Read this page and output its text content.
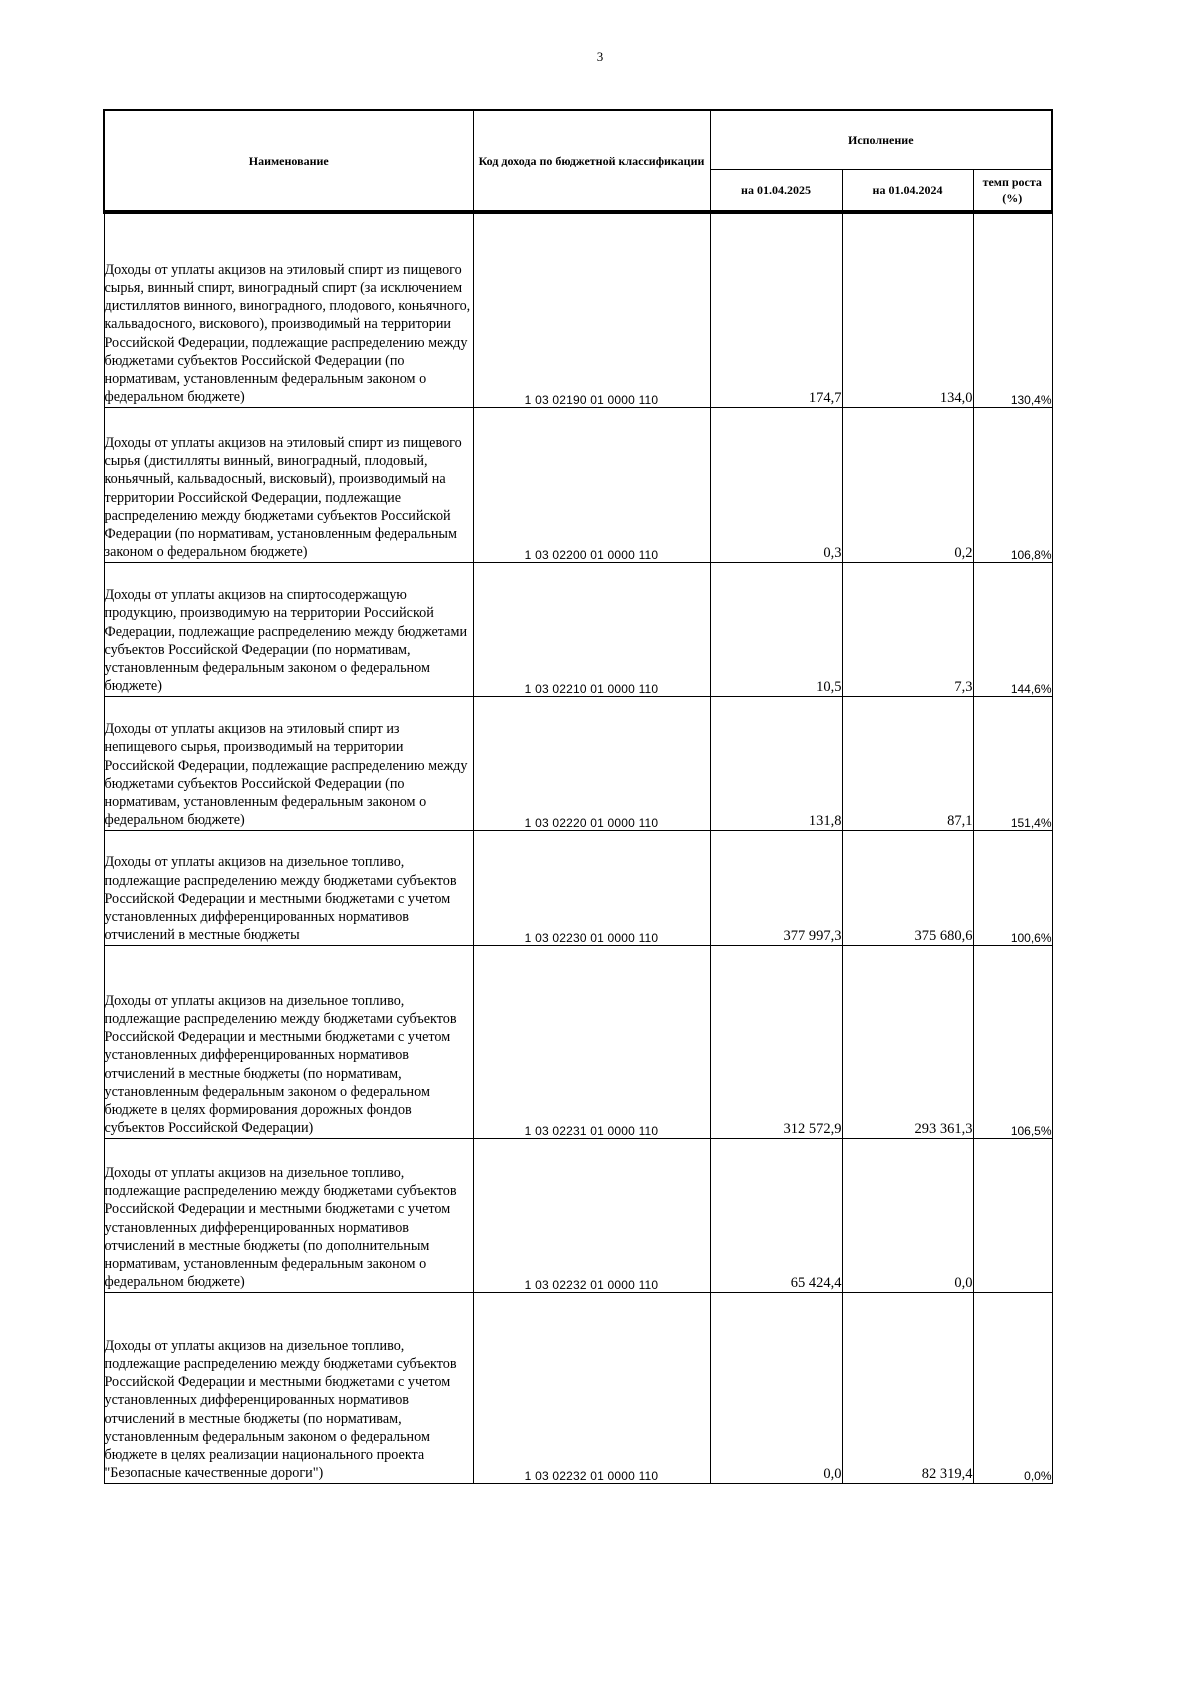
3
Наименование	Код дохода по бюджетной классификации	Исполнение		
		на 01.04.2025	на 01.04.2024	темп роста (%)
Доходы от уплаты акцизов на этиловый спирт из пищевого сырья, винный спирт, виноградный спирт (за исключением дистиллятов винного, виноградного, плодового, коньячного, кальвадосного, вискового), производимый на территории Российской Федерации, подлежащие распределению между бюджетами субъектов Российской Федерации (по нормативам, установленным федеральным законом о федеральном бюджете)	1 03 02190 01 0000 110	174,7	134,0	130,4%
Доходы от уплаты акцизов на этиловый спирт из пищевого сырья (дистилляты винный, виноградный, плодовый, коньячный, кальвадосный, висковый), производимый на территории Российской Федерации, подлежащие распределению между бюджетами субъектов Российской Федерации (по нормативам, установленным федеральным законом о федеральном бюджете)	1 03 02200 01 0000 110	0,3	0,2	106,8%
Доходы от уплаты акцизов на спиртосодержащую продукцию, производимую на территории Российской Федерации, подлежащие распределению между бюджетами субъектов Российской Федерации (по нормативам, установленным федеральным законом о федеральном бюджете)	1 03 02210 01 0000 110	10,5	7,3	144,6%
Доходы от уплаты акцизов на этиловый спирт из непищевого сырья, производимый на территории Российской Федерации, подлежащие распределению между бюджетами субъектов Российской Федерации (по нормативам, установленным федеральным законом о федеральном бюджете)	1 03 02220 01 0000 110	131,8	87,1	151,4%
Доходы от уплаты акцизов на дизельное топливо, подлежащие распределению между бюджетами субъектов Российской Федерации и местными бюджетами с учетом установленных дифференцированных нормативов отчислений в местные бюджеты	1 03 02230 01 0000 110	377 997,3	375 680,6	100,6%
Доходы от уплаты акцизов на дизельное топливо, подлежащие распределению между бюджетами субъектов Российской Федерации и местными бюджетами с учетом установленных дифференцированных нормативов отчислений в местные бюджеты (по нормативам, установленным федеральным законом о федеральном бюджете в целях формирования дорожных фондов субъектов Российской Федерации)	1 03 02231 01 0000 110	312 572,9	293 361,3	106,5%
Доходы от уплаты акцизов на дизельное топливо, подлежащие распределению между бюджетами субъектов Российской Федерации и местными бюджетами с учетом установленных дифференцированных нормативов отчислений в местные бюджеты (по дополнительным нормативам, установленным федеральным законом о федеральном бюджете)	1 03 02232 01 0000 110	65 424,4	0,0	
Доходы от уплаты акцизов на дизельное топливо, подлежащие распределению между бюджетами субъектов Российской Федерации и местными бюджетами с учетом установленных дифференцированных нормативов отчислений в местные бюджеты (по нормативам, установленным федеральным законом о федеральном бюджете в целях реализации национального проекта "Безопасные качественные дороги")	1 03 02232 01 0000 110	0,0	82 319,4	0,0%
